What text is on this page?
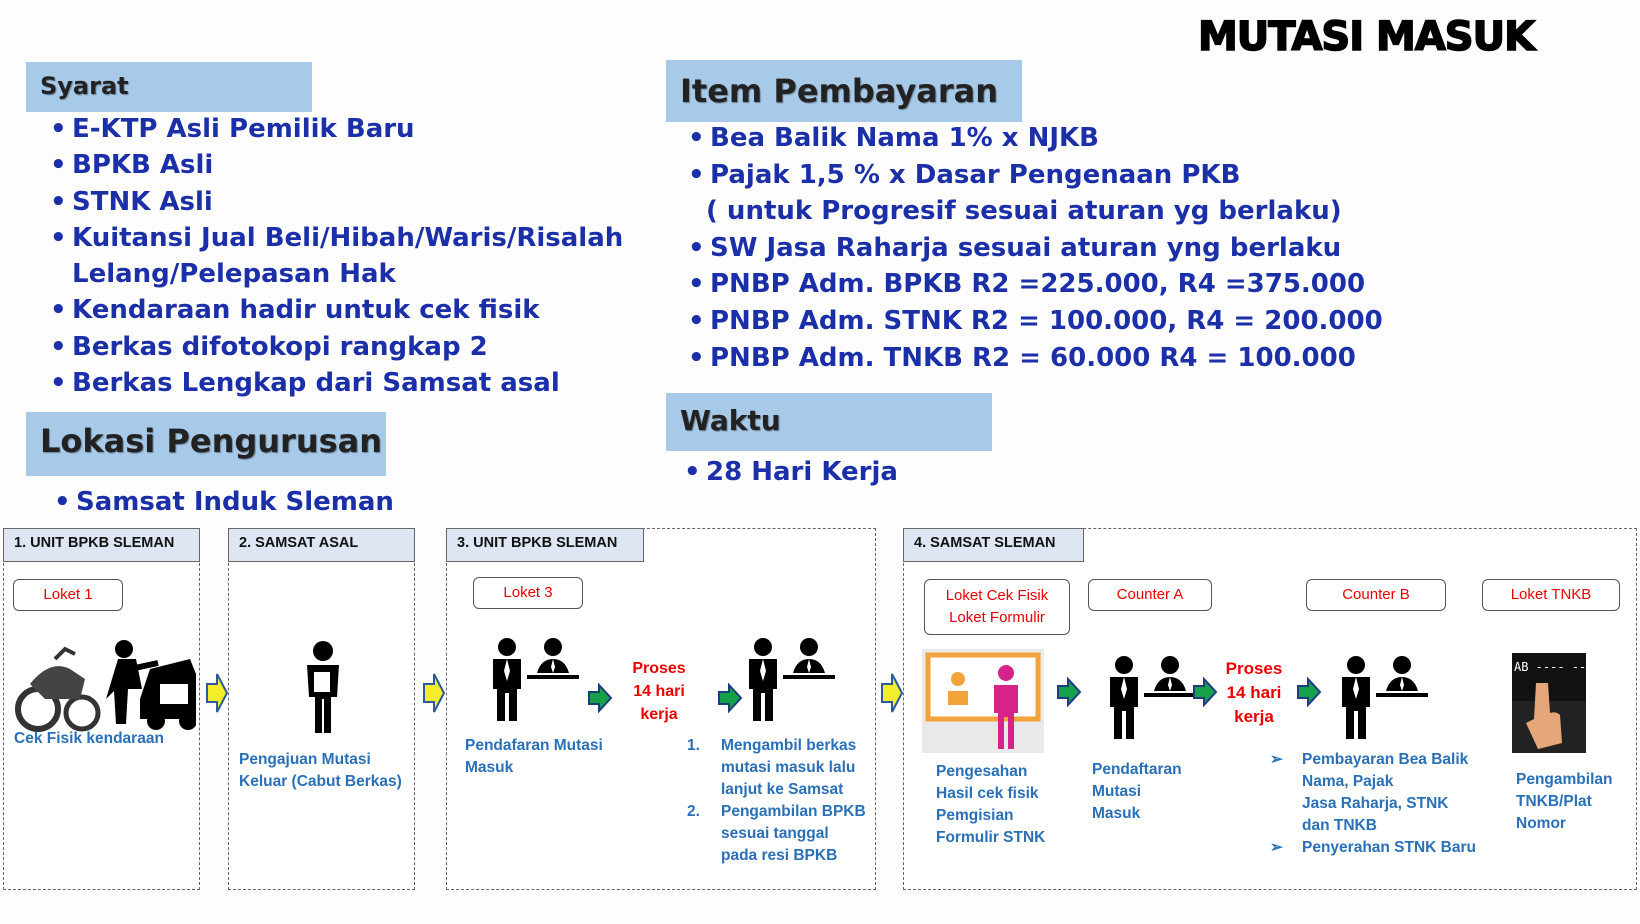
MUTASI MASUK
Syarat
• E-KTP Asli Pemilik Baru
• BPKB Asli
• STNK Asli
• Kuitansi Jual Beli/Hibah/Waris/Risalah
Lelang/Pelepasan Hak
• Kendaraan hadir untuk cek fisik
• Berkas difotokopi rangkap 2
• Berkas Lengkap dari Samsat asal
Lokasi Pengurusan
• Samsat Induk Sleman
Item Pembayaran
• Bea Balik Nama 1% x NJKB
• Pajak 1,5 % x Dasar Pengenaan PKB
( untuk Progresif sesuai aturan yg berlaku)
• SW Jasa Raharja sesuai aturan yng berlaku
• PNBP Adm. BPKB R2 =225.000, R4 =375.000
• PNBP Adm. STNK R2 = 100.000, R4 = 200.000
• PNBP Adm. TNKB R2 = 60.000 R4 = 100.000
Waktu
• 28 Hari Kerja
1. UNIT BPKB SLEMAN
Loket 1
Cek Fisik kendaraan
2. SAMSAT ASAL
Pengajuan Mutasi
Keluar (Cabut Berkas)
3. UNIT BPKB SLEMAN
Loket 3
Proses
14 hari
kerja
Pendafaran Mutasi
Masuk
1. Mengambil berkas
mutasi masuk lalu
lanjut ke Samsat
2. Pengambilan BPKB
sesuai tanggal
pada resi BPKB
4. SAMSAT SLEMAN
Loket Cek Fisik
Loket Formulir
Counter A	Counter B	Loket TNKB
Proses
14 hari
kerja
AB ---- --
Pengesahan
Hasil cek fisik
Pemgisian
Formulir STNK
Pendaftaran
Mutasi
Masuk
➢ Pembayaran Bea Balik
Nama, Pajak
Jasa Raharja, STNK
dan TNKB
➢ Penyerahan STNK Baru
Pengambilan
TNKB/Plat
Nomor
